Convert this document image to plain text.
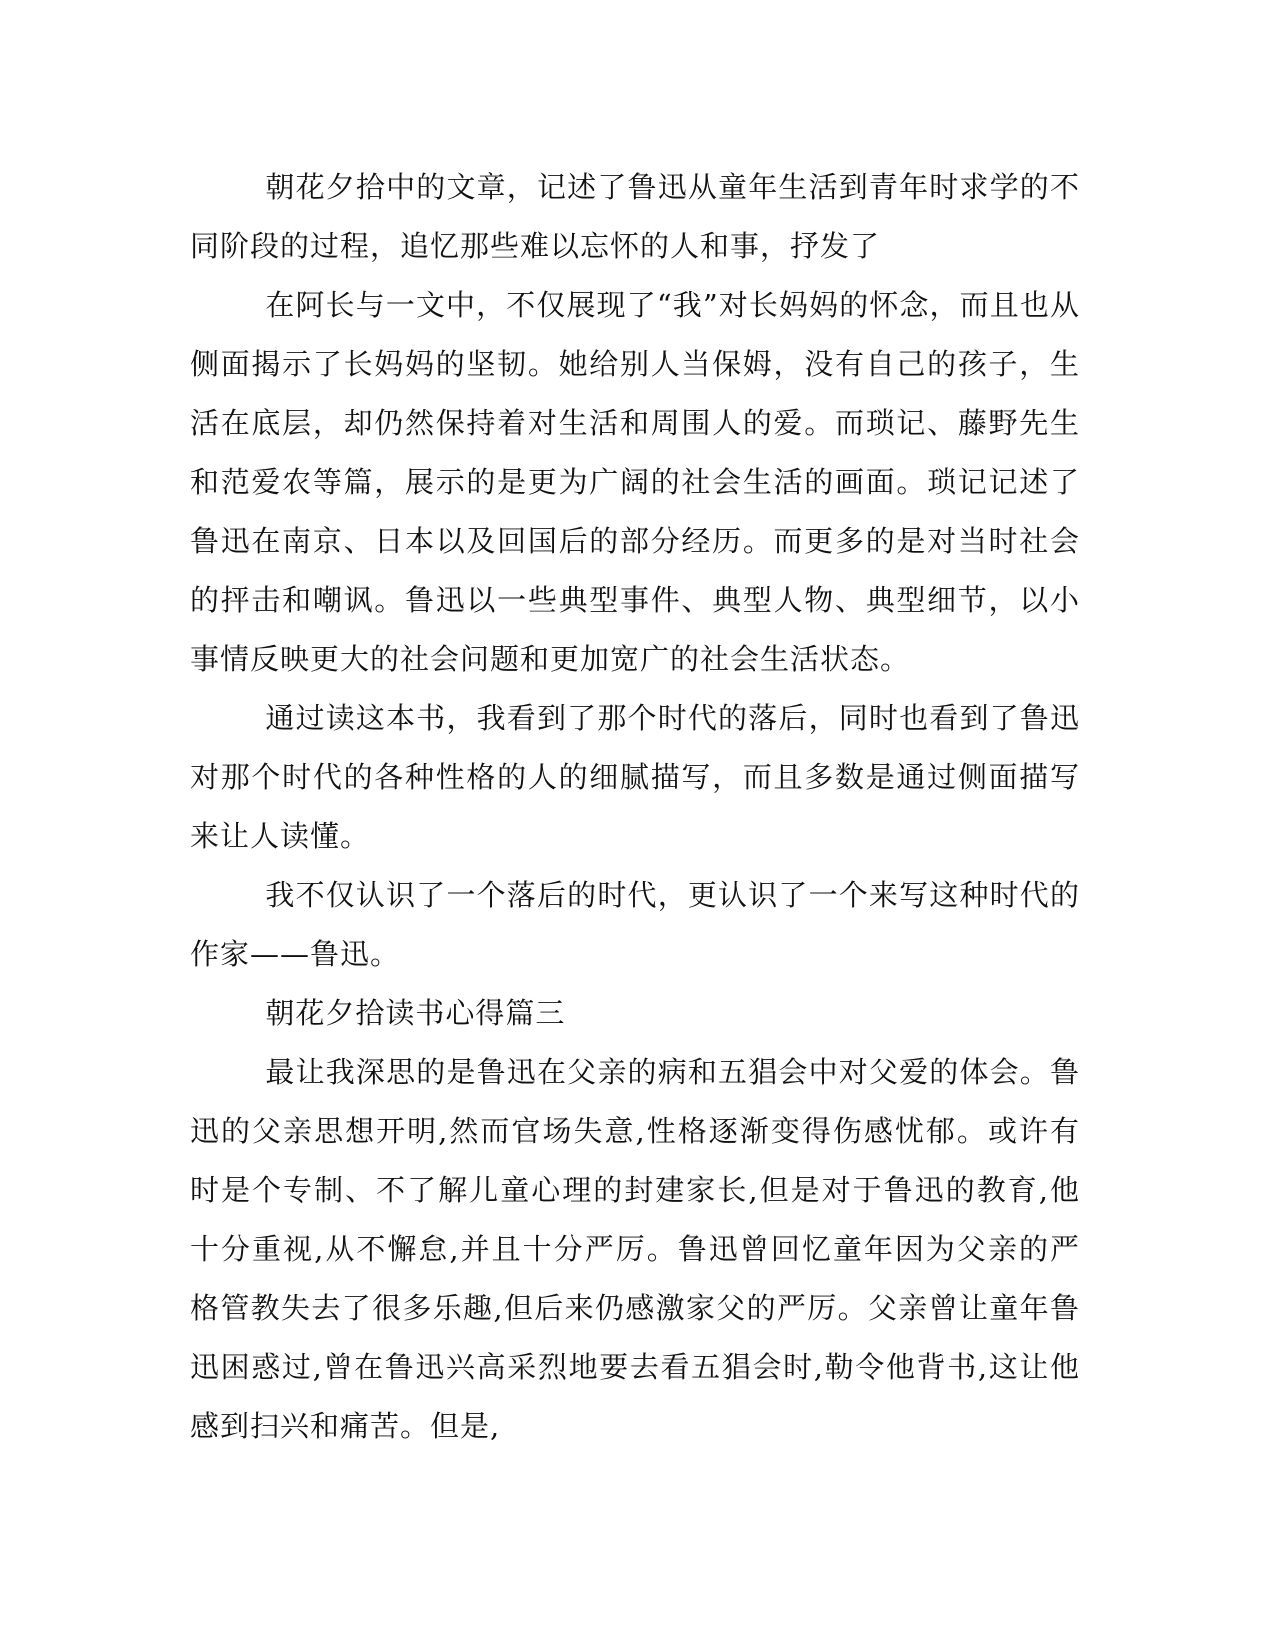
朝花夕拾中的文章，记述了鲁迅从童年生活到青年时求学的不同阶段的过程，追忆那些难以忘怀的人和事，抒发了

在阿长与一文中，不仅展现了“我”对长妈妈的怀念，而且也从侧面揭示了长妈妈的坚韧。她给别人当保姆，没有自己的孩子，生活在底层，却仍然保持着对生活和周围人的爱。而琐记、藤野先生和范爱农等篇，展示的是更为广阔的社会生活的画面。琐记记述了鲁迅在南京、日本以及回国后的部分经历。而更多的是对当时社会的抨击和嘲讽。鲁迅以一些典型事件、典型人物、典型细节，以小事情反映更大的社会问题和更加宽广的社会生活状态。

通过读这本书，我看到了那个时代的落后，同时也看到了鲁迅对那个时代的各种性格的人的细腻描写，而且多数是通过侧面描写来让人读懂。

我不仅认识了一个落后的时代，更认识了一个来写这种时代的作家——鲁迅。

朝花夕拾读书心得篇三

最让我深思的是鲁迅在父亲的病和五猖会中对父爱的体会。鲁迅的父亲思想开明,然而官场失意,性格逐渐变得伤感忧郁。或许有时是个专制、不了解儿童心理的封建家长,但是对于鲁迅的教育,他十分重视,从不懈怠,并且十分严厉。鲁迅曾回忆童年因为父亲的严格管教失去了很多乐趣,但后来仍感激家父的严厉。父亲曾让童年鲁迅困惑过,曾在鲁迅兴高采烈地要去看五猖会时,勒令他背书,这让他感到扫兴和痛苦。但是,
